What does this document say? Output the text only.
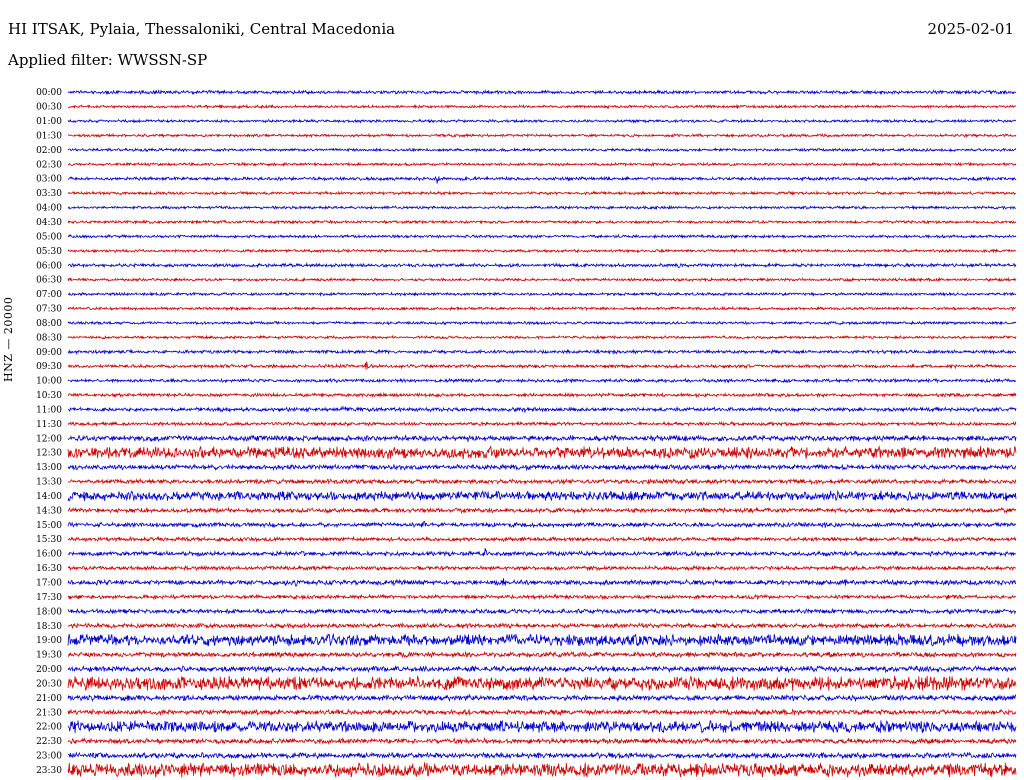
HI ITSAK, Pylaia, Thessaloniki, Central Macedonia	2025-02-01
Applied filter: WWSSN-SP
HNZ — 20000
00:00
00:30
01:00
01:30
02:00
02:30
03:00
03:30
04:00
04:30
05:00
05:30
06:00
06:30
07:00
07:30
08:00
08:30
09:00
09:30
10:00
10:30
11:00
11:30
12:00
12:30
13:00
13:30
14:00
14:30
15:00
15:30
16:00
16:30
17:00
17:30
18:00
18:30
19:00
19:30
20:00
20:30
21:00
21:30
22:00
22:30
23:00
23:30
